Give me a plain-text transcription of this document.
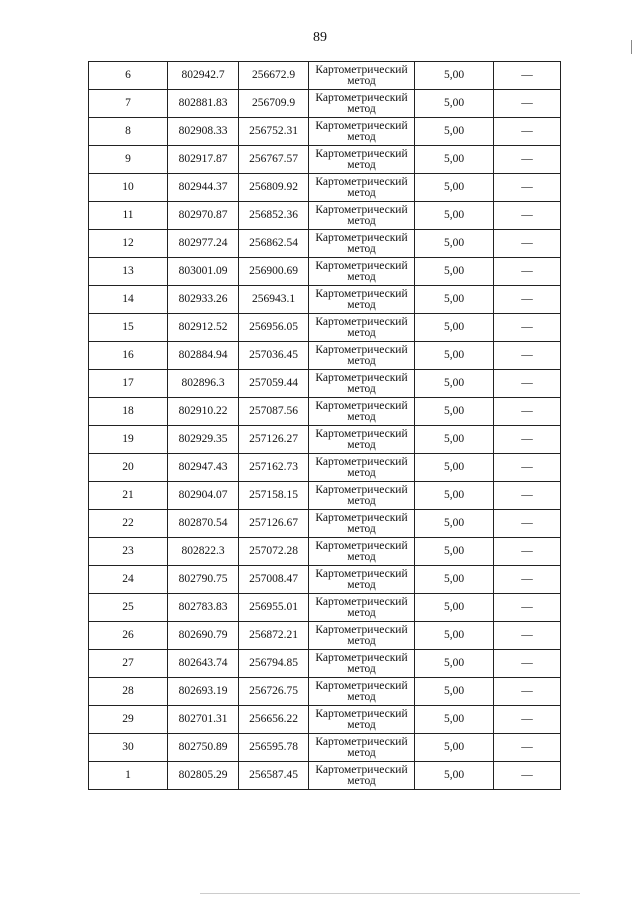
89
6	802942.7	256672.9	Картометрический метод	5,00	—
7	802881.83	256709.9	Картометрический метод	5,00	—
8	802908.33	256752.31	Картометрический метод	5,00	—
9	802917.87	256767.57	Картометрический метод	5,00	—
10	802944.37	256809.92	Картометрический метод	5,00	—
11	802970.87	256852.36	Картометрический метод	5,00	—
12	802977.24	256862.54	Картометрический метод	5,00	—
13	803001.09	256900.69	Картометрический метод	5,00	—
14	802933.26	256943.1	Картометрический метод	5,00	—
15	802912.52	256956.05	Картометрический метод	5,00	—
16	802884.94	257036.45	Картометрический метод	5,00	—
17	802896.3	257059.44	Картометрический метод	5,00	—
18	802910.22	257087.56	Картометрический метод	5,00	—
19	802929.35	257126.27	Картометрический метод	5,00	—
20	802947.43	257162.73	Картометрический метод	5,00	—
21	802904.07	257158.15	Картометрический метод	5,00	—
22	802870.54	257126.67	Картометрический метод	5,00	—
23	802822.3	257072.28	Картометрический метод	5,00	—
24	802790.75	257008.47	Картометрический метод	5,00	—
25	802783.83	256955.01	Картометрический метод	5,00	—
26	802690.79	256872.21	Картометрический метод	5,00	—
27	802643.74	256794.85	Картометрический метод	5,00	—
28	802693.19	256726.75	Картометрический метод	5,00	—
29	802701.31	256656.22	Картометрический метод	5,00	—
30	802750.89	256595.78	Картометрический метод	5,00	—
1	802805.29	256587.45	Картометрический метод	5,00	—
